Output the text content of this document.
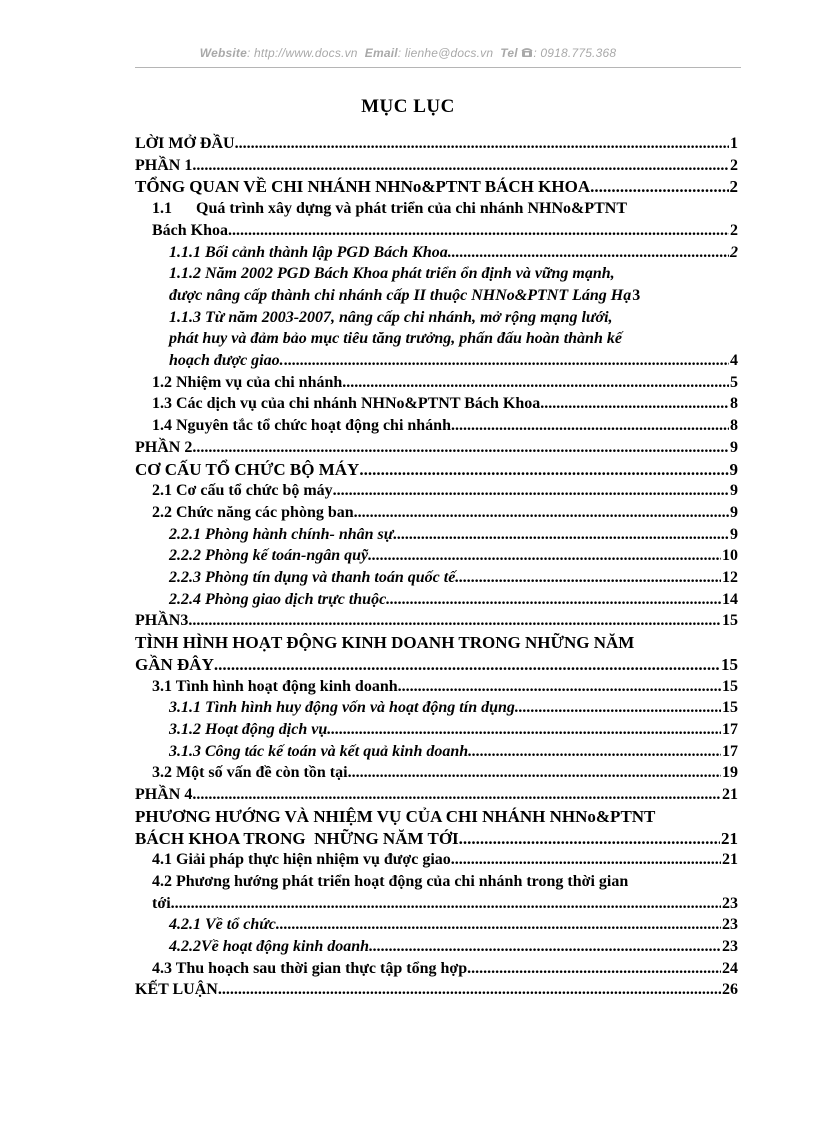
Website: http://www.docs.vn Email: lienhe@docs.vn Tel : 0918.775.368
MỤC LỤC
LỜI MỞ ĐẦU .....	1
PHẦN 1 .....	2
TỔNG QUAN VỀ CHI NHÁNH NHNo&PTNT BÁCH KHOA .....	2
1.1      Quá trình xây dựng và phát triển của chi nhánh NHNo&PTNT
Bách Khoa .....	2
1.1.1 Bối cảnh thành lập PGD Bách Khoa .....	2
1.1.2 Năm 2002 PGD Bách Khoa phát triển ổn định và vững mạnh,
được nâng cấp thành chi nhánh cấp II thuộc NHNo&PTNT Láng Hạ 3
1.1.3 Từ năm 2003-2007, nâng cấp chi nhánh, mở rộng mạng lưới,
phát huy và đảm bảo mục tiêu tăng trưởng, phấn đấu hoàn thành kế
hoạch được giao. .....	4
1.2 Nhiệm vụ của chi nhánh .....	5
1.3 Các dịch vụ của chi nhánh NHNo&PTNT Bách Khoa .....	8
1.4 Nguyên tắc tổ chức hoạt động chi nhánh .....	8
PHẦN 2 .....	9
CƠ CẤU TỔ CHỨC BỘ MÁY .....	9
2.1 Cơ cấu tổ chức bộ máy .....	9
2.2 Chức năng các phòng ban .....	9
2.2.1 Phòng hành chính- nhân sự .....	9
2.2.2 Phòng kế toán-ngân quỹ .....	10
2.2.3 Phòng tín dụng và thanh toán quốc tế .....	12
2.2.4 Phòng giao dịch trực thuộc .....	14
PHẦN3 .....	15
TÌNH HÌNH HOẠT ĐỘNG KINH DOANH TRONG NHỮNG NĂM
GẦN ĐÂY .....	15
3.1 Tình hình hoạt động kinh doanh .....	15
3.1.1 Tình hình huy động vốn và hoạt động tín dụng .....	15
3.1.2 Hoạt động dịch vụ .....	17
3.1.3 Công tác kế toán và kết quả kinh doanh .....	17
3.2 Một số vấn đề còn tồn tại .....	19
PHẦN 4 .....	21
PHƯƠNG HƯỚNG VÀ NHIỆM VỤ CỦA CHI NHÁNH NHNo&PTNT
BÁCH KHOA TRONG  NHỮNG NĂM TỚI .....	21
4.1 Giải pháp thực hiện nhiệm vụ được giao .....	21
4.2 Phương hướng phát triển hoạt động của chi nhánh trong thời gian
tới .....	23
4.2.1 Về tổ chức .....	23
4.2.2Về hoạt động kinh doanh .....	23
4.3 Thu hoạch sau thời gian thực tập tổng hợp .....	24
KẾT LUẬN .....	26
